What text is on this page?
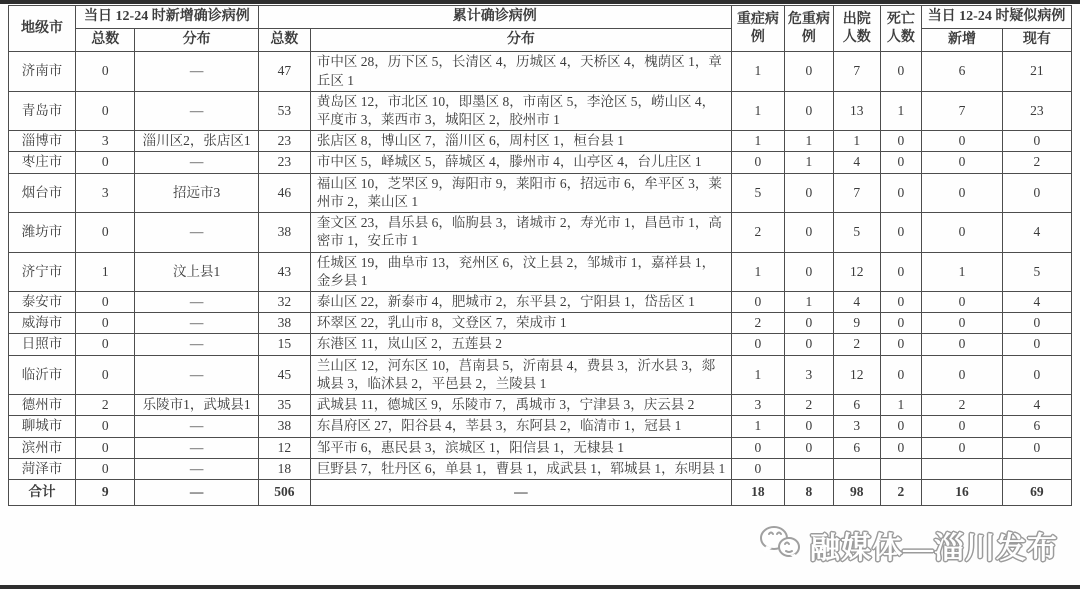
地级市	当日 12-24 时新增确诊病例		累计确诊病例		重症病例	危重病例	出院人数	死亡人数	当日 12-24 时疑似病例	
	总数	分布	总数	分布					新增	现有
济南市	0	—	47	市中区 28，历下区 5，长清区 4，历城区 4，天桥区 4，槐荫区 1，章丘区 1	1	0	7	0	6	21
青岛市	0	—	53	黄岛区 12，市北区 10，即墨区 8，市南区 5，李沧区 5，崂山区 4，平度市 3，莱西市 3，城阳区 2，胶州市 1	1	0	13	1	7	23
淄博市	3	淄川区2，张店区1	23	张店区 8，博山区 7，淄川区 6，周村区 1，桓台县 1	1	1	1	0	0	0
枣庄市	0	—	23	市中区 5，峄城区 5，薛城区 4，滕州市 4，山亭区 4，台儿庄区 1	0	1	4	0	0	2
烟台市	3	招远市3	46	福山区 10，芝罘区 9，海阳市 9，莱阳市 6，招远市 6，牟平区 3，莱州市 2，莱山区 1	5	0	7	0	0	0
潍坊市	0	—	38	奎文区 23，昌乐县 6，临朐县 3，诸城市 2，寿光市 1，昌邑市 1，高密市 1，安丘市 1	2	0	5	0	0	4
济宁市	1	汶上县1	43	任城区 19，曲阜市 13，兖州区 6，汶上县 2，邹城市 1，嘉祥县 1，金乡县 1	1	0	12	0	1	5
泰安市	0	—	32	泰山区 22，新泰市 4，肥城市 2，东平县 2，宁阳县 1，岱岳区 1	0	1	4	0	0	4
威海市	0	—	38	环翠区 22，乳山市 8，文登区 7，荣成市 1	2	0	9	0	0	0
日照市	0	—	15	东港区 11，岚山区 2，五莲县 2	0	0	2	0	0	0
临沂市	0	—	45	兰山区 12，河东区 10，莒南县 5，沂南县 4，费县 3，沂水县 3，郯城县 3，临沭县 2，平邑县 2，兰陵县 1	1	3	12	0	0	0
德州市	2	乐陵市1，武城县1	35	武城县 11，德城区 9，乐陵市 7，禹城市 3，宁津县 3，庆云县 2	3	2	6	1	2	4
聊城市	0	—	38	东昌府区 27，阳谷县 4，莘县 3，东阿县 2，临清市 1，冠县 1	1	0	3	0	0	6
滨州市	0	—	12	邹平市 6，惠民县 3，滨城区 1，阳信县 1，无棣县 1	0	0	6	0	0	0
菏泽市	0	—	18	巨野县 7，牡丹区 6，单县 1，曹县 1，成武县 1，郓城县 1，东明县 1	0					
合计	9	—	506	—	18	8	98	2	16	69
融媒体—淄川发布
